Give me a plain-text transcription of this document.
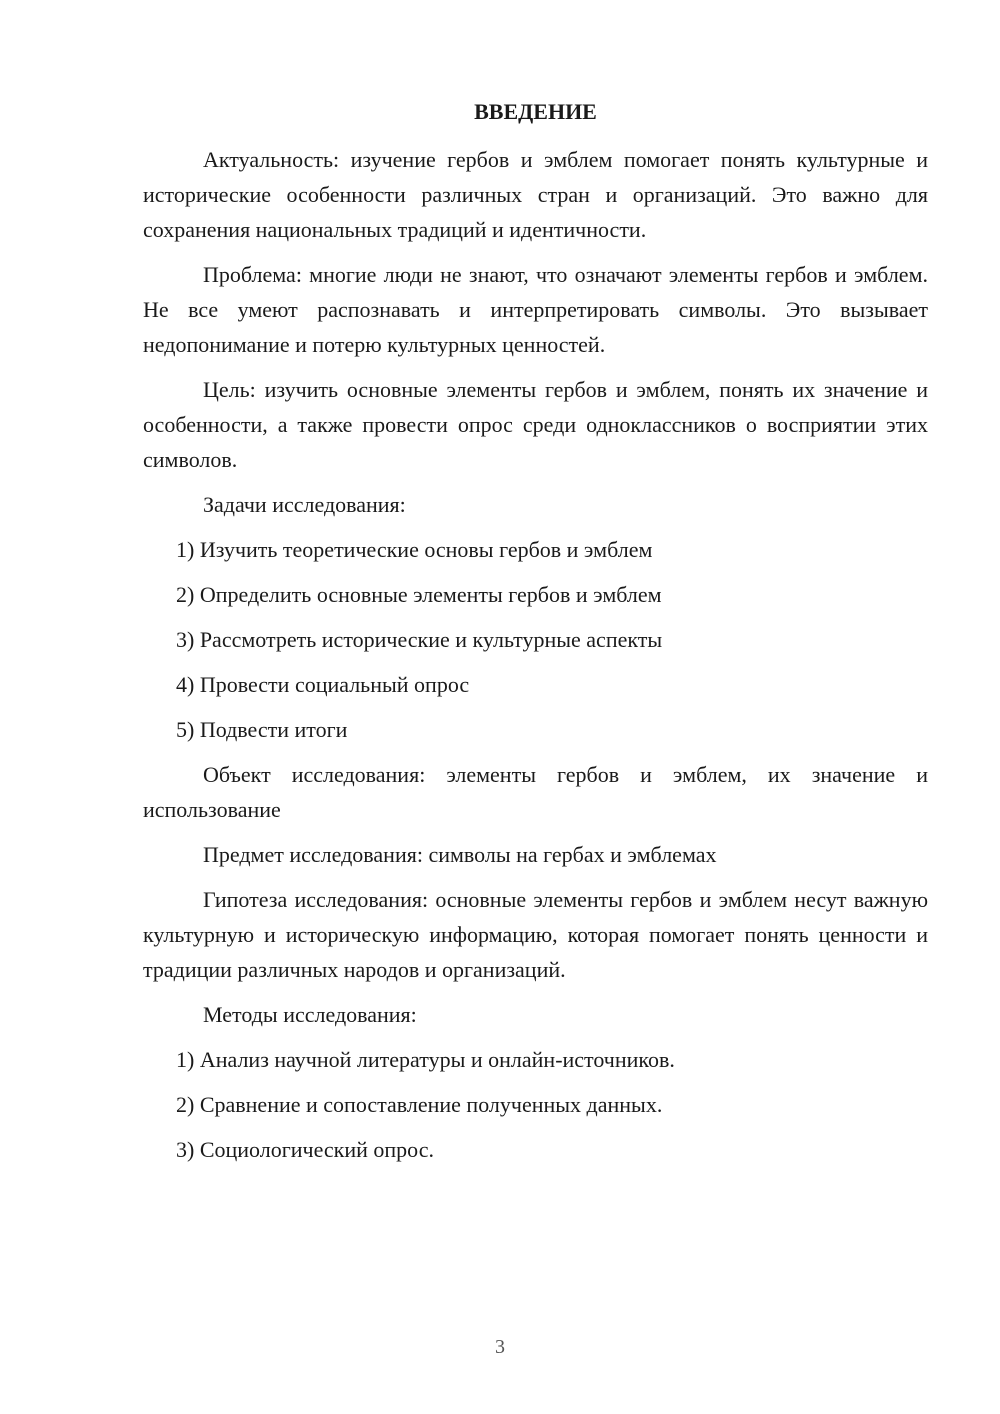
ВВЕДЕНИЕ

Актуальность: изучение гербов и эмблем помогает понять культурные и исторические особенности различных стран и организаций. Это важно для сохранения национальных традиций и идентичности.

Проблема: многие люди не знают, что означают элементы гербов и эмблем. Не все умеют распознавать и интерпретировать символы. Это вызывает недопонимание и потерю культурных ценностей.

Цель: изучить основные элементы гербов и эмблем, понять их значение и особенности, а также провести опрос среди одноклассников о восприятии этих символов.

Задачи исследования:

1) Изучить теоретические основы гербов и эмблем

2) Определить основные элементы гербов и эмблем

3) Рассмотреть исторические и культурные аспекты

4) Провести социальный опрос

5) Подвести итоги

Объект исследования: элементы гербов и эмблем, их значение и использование

Предмет исследования: символы на гербах и эмблемах

Гипотеза исследования: основные элементы гербов и эмблем несут важную культурную и историческую информацию, которая помогает понять ценности и традиции различных народов и организаций.

Методы исследования:

1) Анализ научной литературы и онлайн-источников.

2) Сравнение и сопоставление полученных данных.

3) Социологический опрос.

3
